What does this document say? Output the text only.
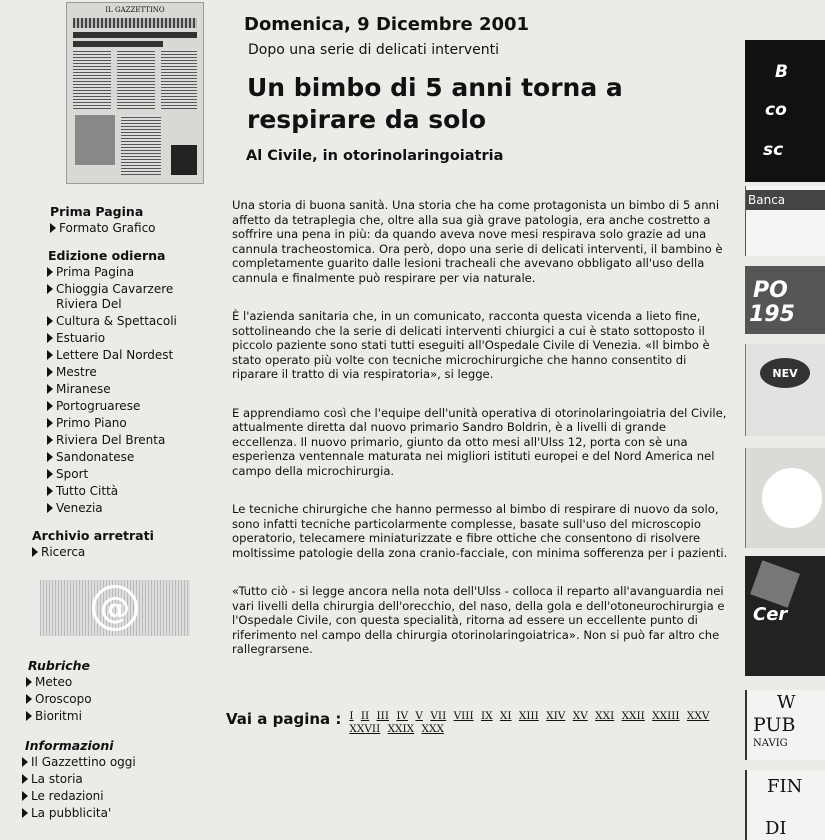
IL GAZZETTINO
Prima Pagina
Formato Grafico
Edizione odierna
Prima Pagina
Chioggia Cavarzere Riviera Del
Cultura & Spettacoli
Estuario
Lettere Dal Nordest
Mestre
Miranese
Portogruarese
Primo Piano
Riviera Del Brenta
Sandonatese
Sport
Tutto Città
Venezia
Archivio arretrati
Ricerca
@
Rubriche
Meteo
Oroscopo
Bioritmi
Informazioni
Il Gazzettino oggi
La storia
Le redazioni
La pubblicita'
Domenica, 9 Dicembre 2001
Dopo una serie di delicati interventi
Un bimbo di 5 anni torna a respirare da solo
Al Civile, in otorinolaringoiatria

Una storia di buona sanità. Una storia che ha come protagonista un bimbo di 5 anni affetto da tetraplegia che, oltre alla sua già grave patologia, era anche costretto a soffrire una pena in più: da quando aveva nove mesi respirava solo grazie ad una cannula tracheostomica. Ora però, dopo una serie di delicati interventi, il bambino è completamente guarito dalle lesioni tracheali che avevano obbligato all'uso della cannula e finalmente può respirare per via naturale.

È l'azienda sanitaria che, in un comunicato, racconta questa vicenda a lieto fine, sottolineando che la serie di delicati interventi chiurgici a cui è stato sottoposto il piccolo paziente sono stati tutti eseguiti all'Ospedale Civile di Venezia. «Il bimbo è stato operato più volte con tecniche microchirurgiche che hanno consentito di riparare il tratto di via respiratoria», si legge.

E apprendiamo così che l'equipe dell'unità operativa di otorinolaringoiatria del Civile, attualmente diretta dal nuovo primario Sandro Boldrin, è a livelli di grande eccellenza. Il nuovo primario, giunto da otto mesi all'Ulss 12, porta con sè una esperienza ventennale maturata nei migliori istituti europei e del Nord America nel campo della microchirurgia.

Le tecniche chirurgiche che hanno permesso al bimbo di respirare di nuovo da solo, sono infatti tecniche particolarmente complesse, basate sull'uso del microscopio operatorio, telecamere miniaturizzate e fibre ottiche che consentono di risolvere moltissime patologie della zona cranio-facciale, con minima sofferenza per i pazienti.

«Tutto ciò - si legge ancora nella nota dell'Ulss - colloca il reparto all'avanguardia nei vari livelli della chirurgia dell'orecchio, del naso, della gola e dell'otoneurochirurgia e l'Ospedale Civile, con questa specialità, ritorna ad essere un eccellente punto di riferimento nel campo della chirurgia otorinolaringoiatrica». Non si può far altro che rallegrarsene.

Vai a pagina : I II III IV V VII VIII IX XI XIII XIV XV XXI XXII XXIII XXV XXVII XXIX XXX
B
co
sc
Banca
PO
195
NEV
Cer
W
PUB
NAVIG
FIN
DI
